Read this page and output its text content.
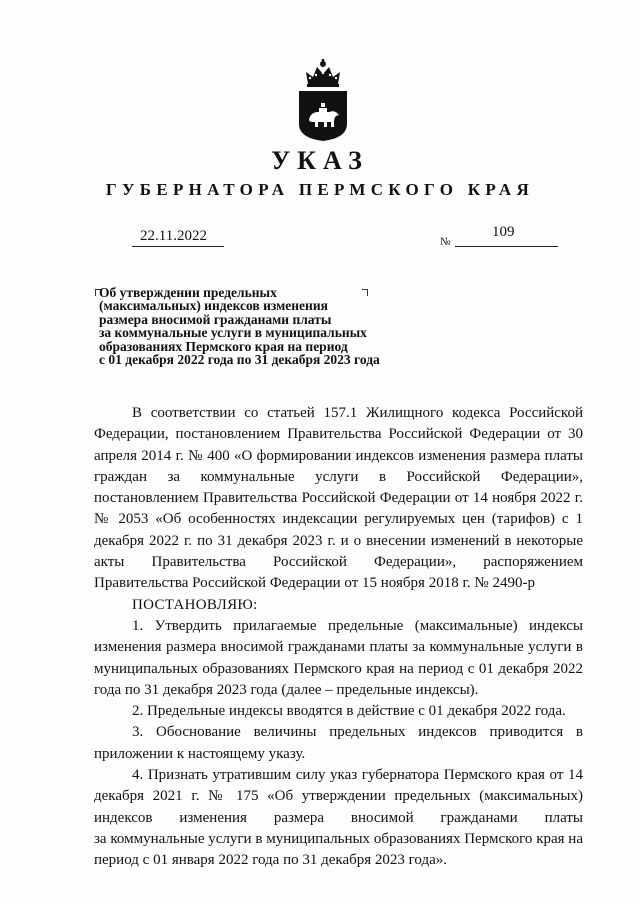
УКАЗ
ГУБЕРНАТОРА ПЕРМСКОГО КРАЯ
22.11.2022	№
109
Об утверждении предельных
(максимальных) индексов изменения
размера вносимой гражданами платы
за коммунальные услуги в муниципальных
образованиях Пермского края на период
с 01 декабря 2022 года по 31 декабря 2023 года

В соответствии со статьей 157.1 Жилищного кодекса Российской Федерации, постановлением Правительства Российской Федерации от 30 апреля 2014 г. № 400 «О формировании индексов изменения размера платы граждан за коммунальные услуги в Российской Федерации», постановлением Правительства Российской Федерации от 14 ноября 2022 г. № 2053 «Об особенностях индексации регулируемых цен (тарифов) с 1 декабря 2022 г. по 31 декабря 2023 г. и о внесении изменений в некоторые акты Правительства Российской Федерации», распоряжением Правительства Российской Федерации от 15 ноября 2018 г. № 2490-р

ПОСТАНОВЛЯЮ:

1. Утвердить прилагаемые предельные (максимальные) индексы изменения размера вносимой гражданами платы за коммунальные услуги в муниципальных образованиях Пермского края на период с 01 декабря 2022 года по 31 декабря 2023 года (далее – предельные индексы).

2. Предельные индексы вводятся в действие с 01 декабря 2022 года.

3. Обоснование величины предельных индексов приводится в приложении к настоящему указу.

4. Признать утратившим силу указ губернатора Пермского края от 14 декабря 2021 г. № 175 «Об утверждении предельных (максимальных) индексов изменения размера вносимой гражданами платы

за коммунальные услуги в муниципальных образованиях Пермского края на период с 01 января 2022 года по 31 декабря 2023 года».
